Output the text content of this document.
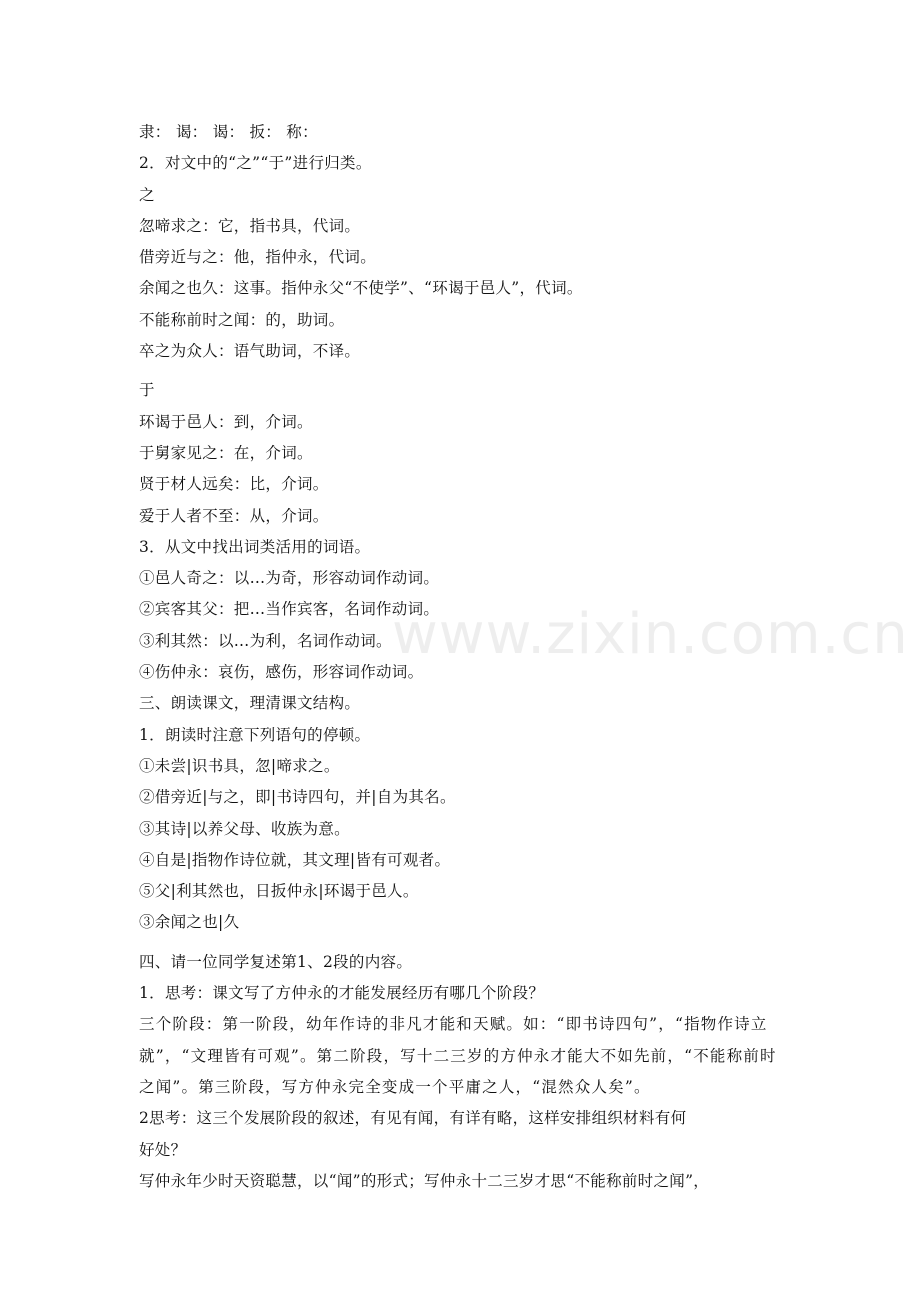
www.zixin.com.cn
隶： 谒： 谒： 扳： 称：
2．对文中的“之”“于”进行归类。
之
忽啼求之：它，指书具，代词。
借旁近与之：他，指仲永，代词。
余闻之也久：这事。指仲永父“不使学”、“环谒于邑人”，代词。
不能称前时之闻：的，助词。
卒之为众人：语气助词，不译。
于
环谒于邑人：到，介词。
于舅家见之：在，介词。
贤于材人远矣：比，介词。
爱于人者不至：从，介词。
3．从文中找出词类活用的词语。
①邑人奇之：以…为奇，形容动词作动词。
②宾客其父：把…当作宾客，名词作动词。
③利其然：以…为利，名词作动词。
④伤仲永：哀伤，感伤，形容词作动词。
三、朗读课文，理清课文结构。
1．朗读时注意下列语句的停顿。
①未尝|识书具，忽|啼求之。
②借旁近|与之，即|书诗四句，并|自为其名。
③其诗|以养父母、收族为意。
④自是|指物作诗位就，其文理|皆有可观者。
⑤父|利其然也，日扳仲永|环谒于邑人。
③余闻之也|久
四、请一位同学复述第1、2段的内容。
1．思考：课文写了方仲永的才能发展经历有哪几个阶段？
三个阶段：第一阶段，幼年作诗的非凡才能和天赋。如：“即书诗四句”，“指物作诗立就”，“文理皆有可观”。第二阶段，写十二三岁的方仲永才能大不如先前，“不能称前时之闻”。第三阶段，写方仲永完全变成一个平庸之人，“混然众人矣”。
2思考：这三个发展阶段的叙述，有见有闻，有详有略，这样安排组织材料有何
好处？
写仲永年少时天资聪慧，以“闻”的形式；写仲永十二三岁才思“不能称前时之闻”，
